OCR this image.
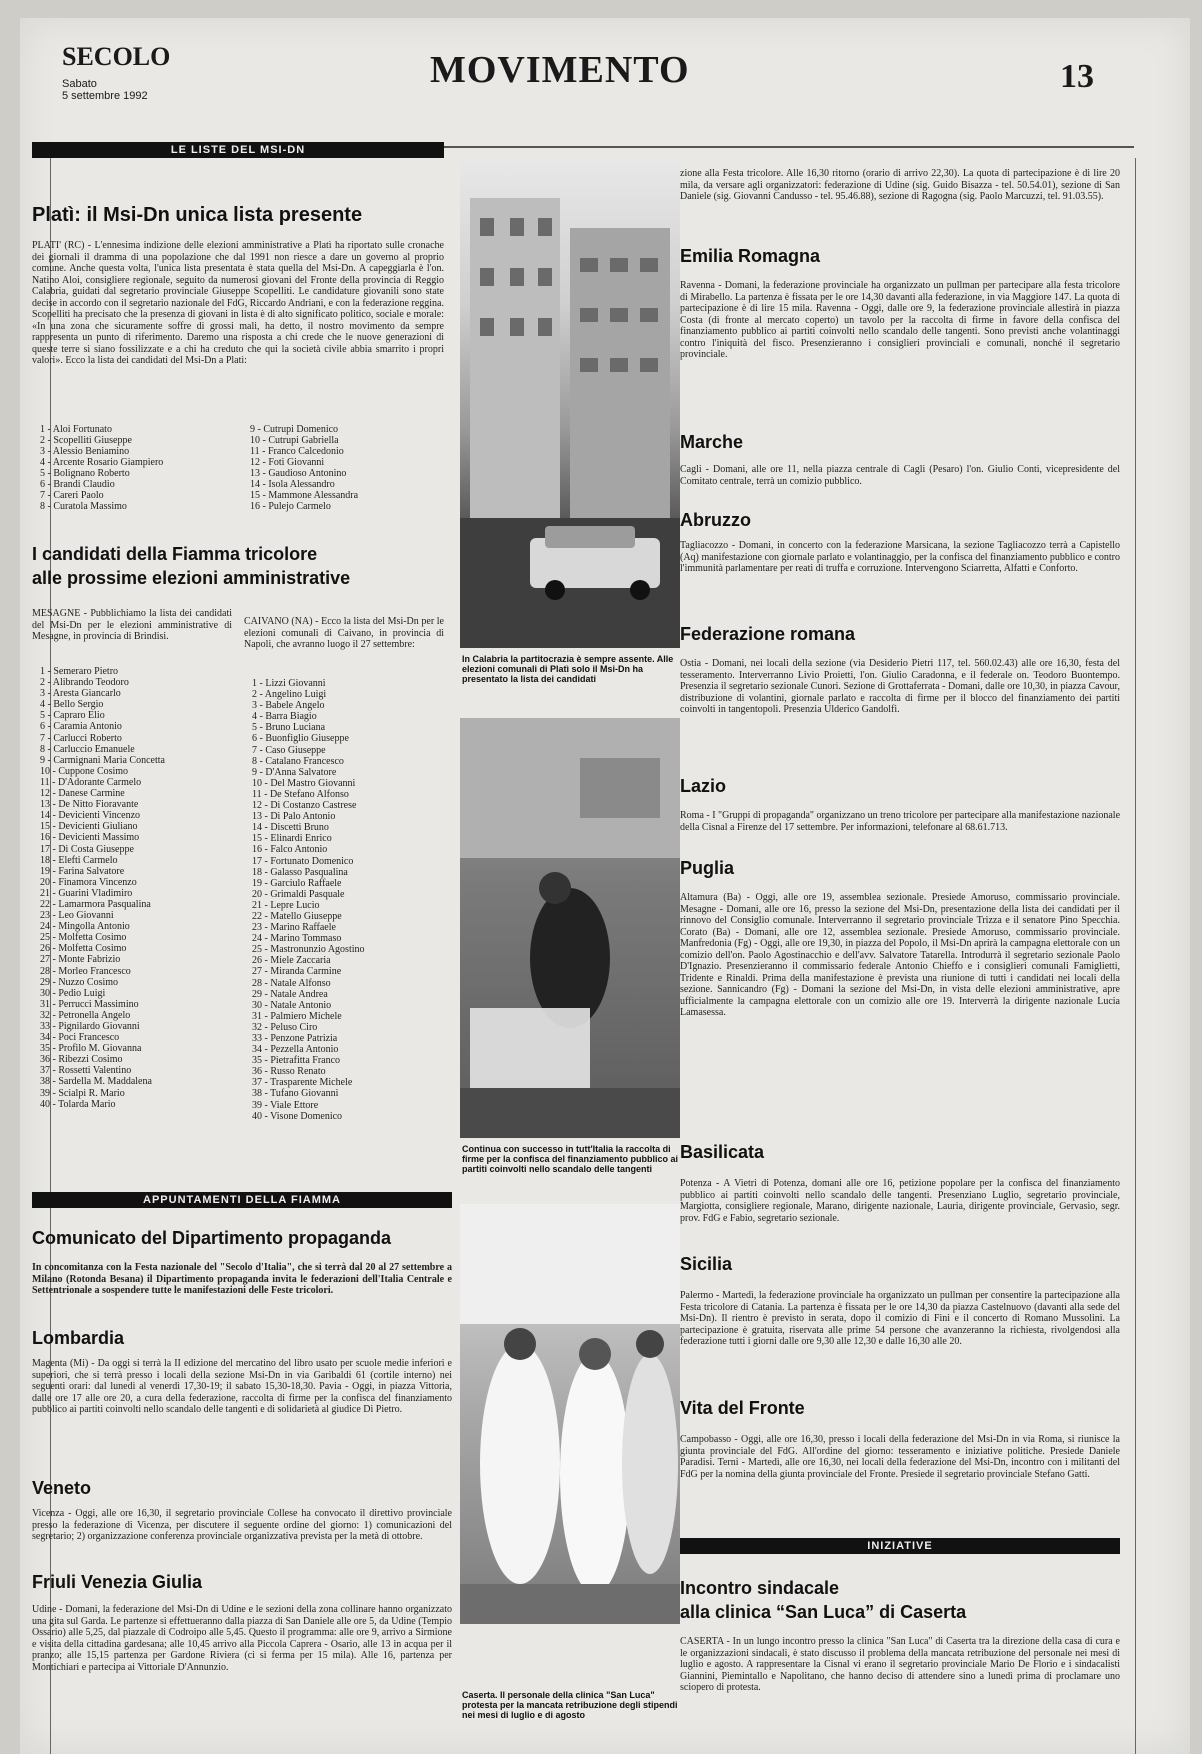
SECOLO
Sabato
5 settembre 1992
MOVIMENTO	13
LE LISTE DEL MSI-DN
Platì: il Msi-Dn unica lista presente
PLATI' (RC) - L'ennesima indizione delle elezioni amministrative a Platì ha riportato sulle cronache dei giornali il dramma di una popolazione che dal 1991 non riesce a dare un governo al proprio comune. Anche questa volta, l'unica lista presentata è stata quella del Msi-Dn. A capeggiarla è l'on. Natino Aloi, consigliere regionale, seguito da numerosi giovani del Fronte della provincia di Reggio Calabria, guidati dal segretario provinciale Giuseppe Scopelliti. Le candidature giovanili sono state decise in accordo con il segretario nazionale del FdG, Riccardo Andriani, e con la federazione reggina. Scopelliti ha precisato che la presenza di giovani in lista è di alto significato politico, sociale e morale: «In una zona che sicuramente soffre di grossi mali, ha detto, il nostro movimento da sempre rappresenta un punto di riferimento. Daremo una risposta a chi crede che le nuove generazioni di queste terre si siano fossilizzate e a chi ha creduto che qui la società civile abbia smarrito i propri valori». Ecco la lista dei candidati del Msi-Dn a Platì:
1 - Aloi Fortunato
2 - Scopelliti Giuseppe
3 - Alessio Beniamino
4 - Arcente Rosario Giampiero
5 - Bolignano Roberto
6 - Brandi Claudio
7 - Careri Paolo
8 - Curatola Massimo
9 - Cutrupi Domenico
10 - Cutrupi Gabriella
11 - Franco Calcedonio
12 - Foti Giovanni
13 - Gaudioso Antonino
14 - Isola Alessandro
15 - Mammone Alessandra
16 - Pulejo Carmelo
I candidati della Fiamma tricolore
alle prossime elezioni amministrative
MESAGNE - Pubblichiamo la lista dei candidati del Msi-Dn per le elezioni amministrative di Mesagne, in provincia di Brindisi.
1 - Semeraro Pietro
2 - Alibrando Teodoro
3 - Aresta Giancarlo
4 - Bello Sergio
5 - Capraro Elio
6 - Caramia Antonio
7 - Carlucci Roberto
8 - Carluccio Emanuele
9 - Carmignani Maria Concetta
10 - Cuppone Cosimo
11 - D'Adorante Carmelo
12 - Danese Carmine
13 - De Nitto Fioravante
14 - Devicienti Vincenzo
15 - Devicienti Giuliano
16 - Devicienti Massimo
17 - Di Costa Giuseppe
18 - Elefti Carmelo
19 - Farina Salvatore
20 - Finamora Vincenzo
21 - Guarini Vladimiro
22 - Lamarmora Pasqualina
23 - Leo Giovanni
24 - Mingolla Antonio
25 - Molfetta Cosimo
26 - Molfetta Cosimo
27 - Monte Fabrizio
28 - Morleo Francesco
29 - Nuzzo Cosimo
30 - Pedio Luigi
31 - Perrucci Massimino
32 - Petronella Angelo
33 - Pignilardo Giovanni
34 - Poci Francesco
35 - Profilo M. Giovanna
36 - Ribezzi Cosimo
37 - Rossetti Valentino
38 - Sardella M. Maddalena
39 - Scialpi R. Mario
40 - Tolarda Mario
CAIVANO (NA) - Ecco la lista del Msi-Dn per le elezioni comunali di Caivano, in provincia di Napoli, che avranno luogo il 27 settembre:
1 - Lizzi Giovanni
2 - Angelino Luigi
3 - Babele Angelo
4 - Barra Biagio
5 - Bruno Luciana
6 - Buonfiglio Giuseppe
7 - Caso Giuseppe
8 - Catalano Francesco
9 - D'Anna Salvatore
10 - Del Mastro Giovanni
11 - De Stefano Alfonso
12 - Di Costanzo Castrese
13 - Di Palo Antonio
14 - Discetti Bruno
15 - Elinardi Enrico
16 - Falco Antonio
17 - Fortunato Domenico
18 - Galasso Pasqualina
19 - Garciulo Raffaele
20 - Grimaldi Pasquale
21 - Lepre Lucio
22 - Matello Giuseppe
23 - Marino Raffaele
24 - Marino Tommaso
25 - Mastronunzio Agostino
26 - Miele Zaccaria
27 - Miranda Carmine
28 - Natale Alfonso
29 - Natale Andrea
30 - Natale Antonio
31 - Palmiero Michele
32 - Peluso Ciro
33 - Penzone Patrizia
34 - Pezzella Antonio
35 - Pietrafitta Franco
36 - Russo Renato
37 - Trasparente Michele
38 - Tufano Giovanni
39 - Viale Ettore
40 - Visone Domenico
APPUNTAMENTI DELLA FIAMMA
Comunicato del Dipartimento propaganda
In concomitanza con la Festa nazionale del "Secolo d'Italia", che si terrà dal 20 al 27 settembre a Milano (Rotonda Besana) il Dipartimento propaganda invita le federazioni dell'Italia Centrale e Settentrionale a sospendere tutte le manifestazioni delle Feste tricolori.
Lombardia
Magenta (Mi) - Da oggi si terrà la II edizione del mercatino del libro usato per scuole medie inferiori e superiori, che si terrà presso i locali della sezione Msi-Dn in via Garibaldi 61 (cortile interno) nei seguenti orari: dal lunedì al venerdì 17,30-19; il sabato 15,30-18,30. Pavia - Oggi, in piazza Vittoria, dalle ore 17 alle ore 20, a cura della federazione, raccolta di firme per la confisca del finanziamento pubblico ai partiti coinvolti nello scandalo delle tangenti e di solidarietà al giudice Di Pietro.
Veneto
Vicenza - Oggi, alle ore 16,30, il segretario provinciale Collese ha convocato il direttivo provinciale presso la federazione di Vicenza, per discutere il seguente ordine del giorno: 1) comunicazioni del segretario; 2) organizzazione conferenza provinciale organizzativa prevista per la metà di ottobre.
Friuli Venezia Giulia
Udine - Domani, la federazione del Msi-Dn di Udine e le sezioni della zona collinare hanno organizzato una gita sul Garda. Le partenze si effettueranno dalla piazza di San Daniele alle ore 5, da Udine (Tempio Ossario) alle 5,25, dal piazzale di Codroipo alle 5,45. Questo il programma: alle ore 9, arrivo a Sirmione e visita della cittadina gardesana; alle 10,45 arrivo alla Piccola Caprera - Osario, alle 13 in acqua per il pranzo; alle 15,15 partenza per Gardone Riviera (ci si ferma per 15 mila). Alle 16, partenza per Montichiari e partecipa ai Vittoriale D'Annunzio.
In Calabria la partitocrazia è sempre assente. Alle elezioni comunali di Platì solo il Msi-Dn ha presentato la lista dei candidati
Continua con successo in tutt'Italia la raccolta di firme per la confisca del finanziamento pubblico ai partiti coinvolti nello scandalo delle tangenti
Caserta. Il personale della clinica "San Luca" protesta per la mancata retribuzione degli stipendi nei mesi di luglio e di agosto
zione alla Festa tricolore. Alle 16,30 ritorno (orario di arrivo 22,30). La quota di partecipazione è di lire 20 mila, da versare agli organizzatori: federazione di Udine (sig. Guido Bisazza - tel. 50.54.01), sezione di San Daniele (sig. Giovanni Candusso - tel. 95.46.88), sezione di Ragogna (sig. Paolo Marcuzzi, tel. 91.03.55).
Emilia Romagna
Ravenna - Domani, la federazione provinciale ha organizzato un pullman per partecipare alla festa tricolore di Mirabello. La partenza è fissata per le ore 14,30 davanti alla federazione, in via Maggiore 147. La quota di partecipazione è di lire 15 mila. Ravenna - Oggi, dalle ore 9, la federazione provinciale allestirà in piazza Costa (di fronte al mercato coperto) un tavolo per la raccolta di firme in favore della confisca del finanziamento pubblico ai partiti coinvolti nello scandalo delle tangenti. Sono previsti anche volantinaggi contro l'iniquità del fisco. Presenzieranno i consiglieri provinciali e comunali, nonché il segretario provinciale.
Marche
Cagli - Domani, alle ore 11, nella piazza centrale di Cagli (Pesaro) l'on. Giulio Conti, vicepresidente del Comitato centrale, terrà un comizio pubblico.
Abruzzo
Tagliacozzo - Domani, in concerto con la federazione Marsicana, la sezione Tagliacozzo terrà a Capistello (Aq) manifestazione con giornale parlato e volantinaggio, per la confisca del finanziamento pubblico e contro l'immunità parlamentare per reati di truffa e corruzione. Intervengono Sciarretta, Alfatti e Conforto.
Federazione romana
Ostia - Domani, nei locali della sezione (via Desiderio Pietri 117, tel. 560.02.43) alle ore 16,30, festa del tesseramento. Interverranno Livio Proietti, l'on. Giulio Caradonna, e il federale on. Teodoro Buontempo. Presenzia il segretario sezionale Cunori. Sezione di Grottaferrata - Domani, dalle ore 10,30, in piazza Cavour, distribuzione di volantini, giornale parlato e raccolta di firme per il blocco del finanziamento dei partiti coinvolti in tangentopoli. Presenzia Ulderico Gandolfi.
Lazio
Roma - I "Gruppi di propaganda" organizzano un treno tricolore per partecipare alla manifestazione nazionale della Cisnal a Firenze del 17 settembre. Per informazioni, telefonare al 68.61.713.
Puglia
Altamura (Ba) - Oggi, alle ore 19, assemblea sezionale. Presiede Amoruso, commissario provinciale. Mesagne - Domani, alle ore 16, presso la sezione del Msi-Dn, presentazione della lista dei candidati per il rinnovo del Consiglio comunale. Interverranno il segretario provinciale Trizza e il senatore Pino Specchia. Corato (Ba) - Domani, alle ore 12, assemblea sezionale. Presiede Amoruso, commissario provinciale. Manfredonia (Fg) - Oggi, alle ore 19,30, in piazza del Popolo, il Msi-Dn aprirà la campagna elettorale con un comizio dell'on. Paolo Agostinacchio e dell'avv. Salvatore Tatarella. Introdurrà il segretario sezionale Paolo D'Ignazio. Presenzieranno il commissario federale Antonio Chieffo e i consiglieri comunali Famiglietti, Tridente e Rinaldi. Prima della manifestazione è prevista una riunione di tutti i candidati nei locali della sezione. Sannicandro (Fg) - Domani la sezione del Msi-Dn, in vista delle elezioni amministrative, apre ufficialmente la campagna elettorale con un comizio alle ore 19. Interverrà la dirigente nazionale Lucia Lamasessa.
Basilicata
Potenza - A Vietri di Potenza, domani alle ore 16, petizione popolare per la confisca del finanziamento pubblico ai partiti coinvolti nello scandalo delle tangenti. Presenziano Luglio, segretario provinciale, Margiotta, consigliere regionale, Marano, dirigente nazionale, Lauria, dirigente provinciale, Gervasio, segr. prov. FdG e Fabio, segretario sezionale.
Sicilia
Palermo - Martedì, la federazione provinciale ha organizzato un pullman per consentire la partecipazione alla Festa tricolore di Catania. La partenza è fissata per le ore 14,30 da piazza Castelnuovo (davanti alla sede del Msi-Dn). Il rientro è previsto in serata, dopo il comizio di Fini e il concerto di Romano Mussolini. La partecipazione è gratuita, riservata alle prime 54 persone che avanzeranno la richiesta, rivolgendosi alla federazione tutti i giorni dalle ore 9,30 alle 12,30 e dalle 16,30 alle 20.
Vita del Fronte
Campobasso - Oggi, alle ore 16,30, presso i locali della federazione del Msi-Dn in via Roma, si riunisce la giunta provinciale del FdG. All'ordine del giorno: tesseramento e iniziative politiche. Presiede Daniele Paradisi. Terni - Martedì, alle ore 16,30, nei locali della federazione del Msi-Dn, incontro con i militanti del FdG per la nomina della giunta provinciale del Fronte. Presiede il segretario provinciale Stefano Gatti.
INIZIATIVE
Incontro sindacale
alla clinica “San Luca” di Caserta
CASERTA - In un lungo incontro presso la clinica "San Luca" di Caserta tra la direzione della casa di cura e le organizzazioni sindacali, è stato discusso il problema della mancata retribuzione del personale nei mesi di luglio e agosto. A rappresentare la Cisnal vi erano il segretario provinciale Mario De Florio e i sindacalisti Giannini, Piemintallo e Napolitano, che hanno deciso di attendere sino a lunedì prima di proclamare uno sciopero di protesta.
